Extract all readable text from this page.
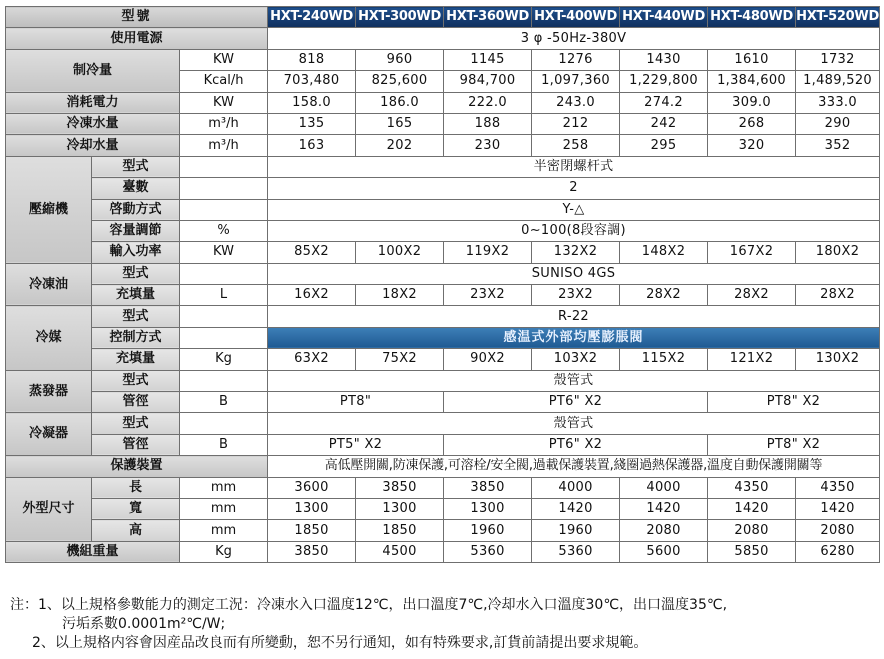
型號			HXT-240WD	HXT-300WD	HXT-360WD	HXT-400WD	HXT-440WD	HXT-480WD	HXT-520WD
使用電源			3 φ -50Hz-380V						
制冷量		KW	818	960	1145	1276	1430	1610	1732
		Kcal/h	703,480	825,600	984,700	1,097,360	1,229,800	1,384,600	1,489,520
消耗電力		KW	158.0	186.0	222.0	243.0	274.2	309.0	333.0
冷凍水量		m³/h	135	165	188	212	242	268	290
冷却水量		m³/h	163	202	230	258	295	320	352
壓縮機	型式		半密閉螺杆式						
	臺數		2						
	啓動方式		Y-△						
	容量調節	%	0~100(8段容調)						
	輸入功率	KW	85X2	100X2	119X2	132X2	148X2	167X2	180X2
冷凍油	型式		SUNISO 4GS						
	充填量	L	16X2	18X2	23X2	23X2	28X2	28X2	28X2
冷媒	型式		R-22						
	控制方式		感温式外部均壓膨脹閥						
	充填量	Kg	63X2	75X2	90X2	103X2	115X2	121X2	130X2
蒸發器	型式		殼管式						
	管徑	B	PT8"		PT6" X2			PT8" X2	
冷凝器	型式		殼管式						
	管徑	B	PT5" X2		PT6" X2			PT8" X2	
保護裝置			高低壓開關,防凍保護,可溶栓/安全閥,過載保護裝置,綫圈過熱保護器,溫度自動保護開關等						
外型尺寸	長	mm	3600	3850	3850	4000	4000	4350	4350
	寬	mm	1300	1300	1300	1420	1420	1420	1420
	高	mm	1850	1850	1960	1960	2080	2080	2080
機組重量		Kg	3850	4500	5360	5360	5600	5850	6280
注：1、以上規格參數能力的測定工況：冷凍水入口溫度12℃，出口溫度7℃,冷却水入口溫度30℃，出口溫度35℃,
污垢系數0.0001m²℃/W;
2、以上規格内容會因産品改良而有所變動，恕不另行通知，如有特殊要求,訂貨前請提出要求規範。
